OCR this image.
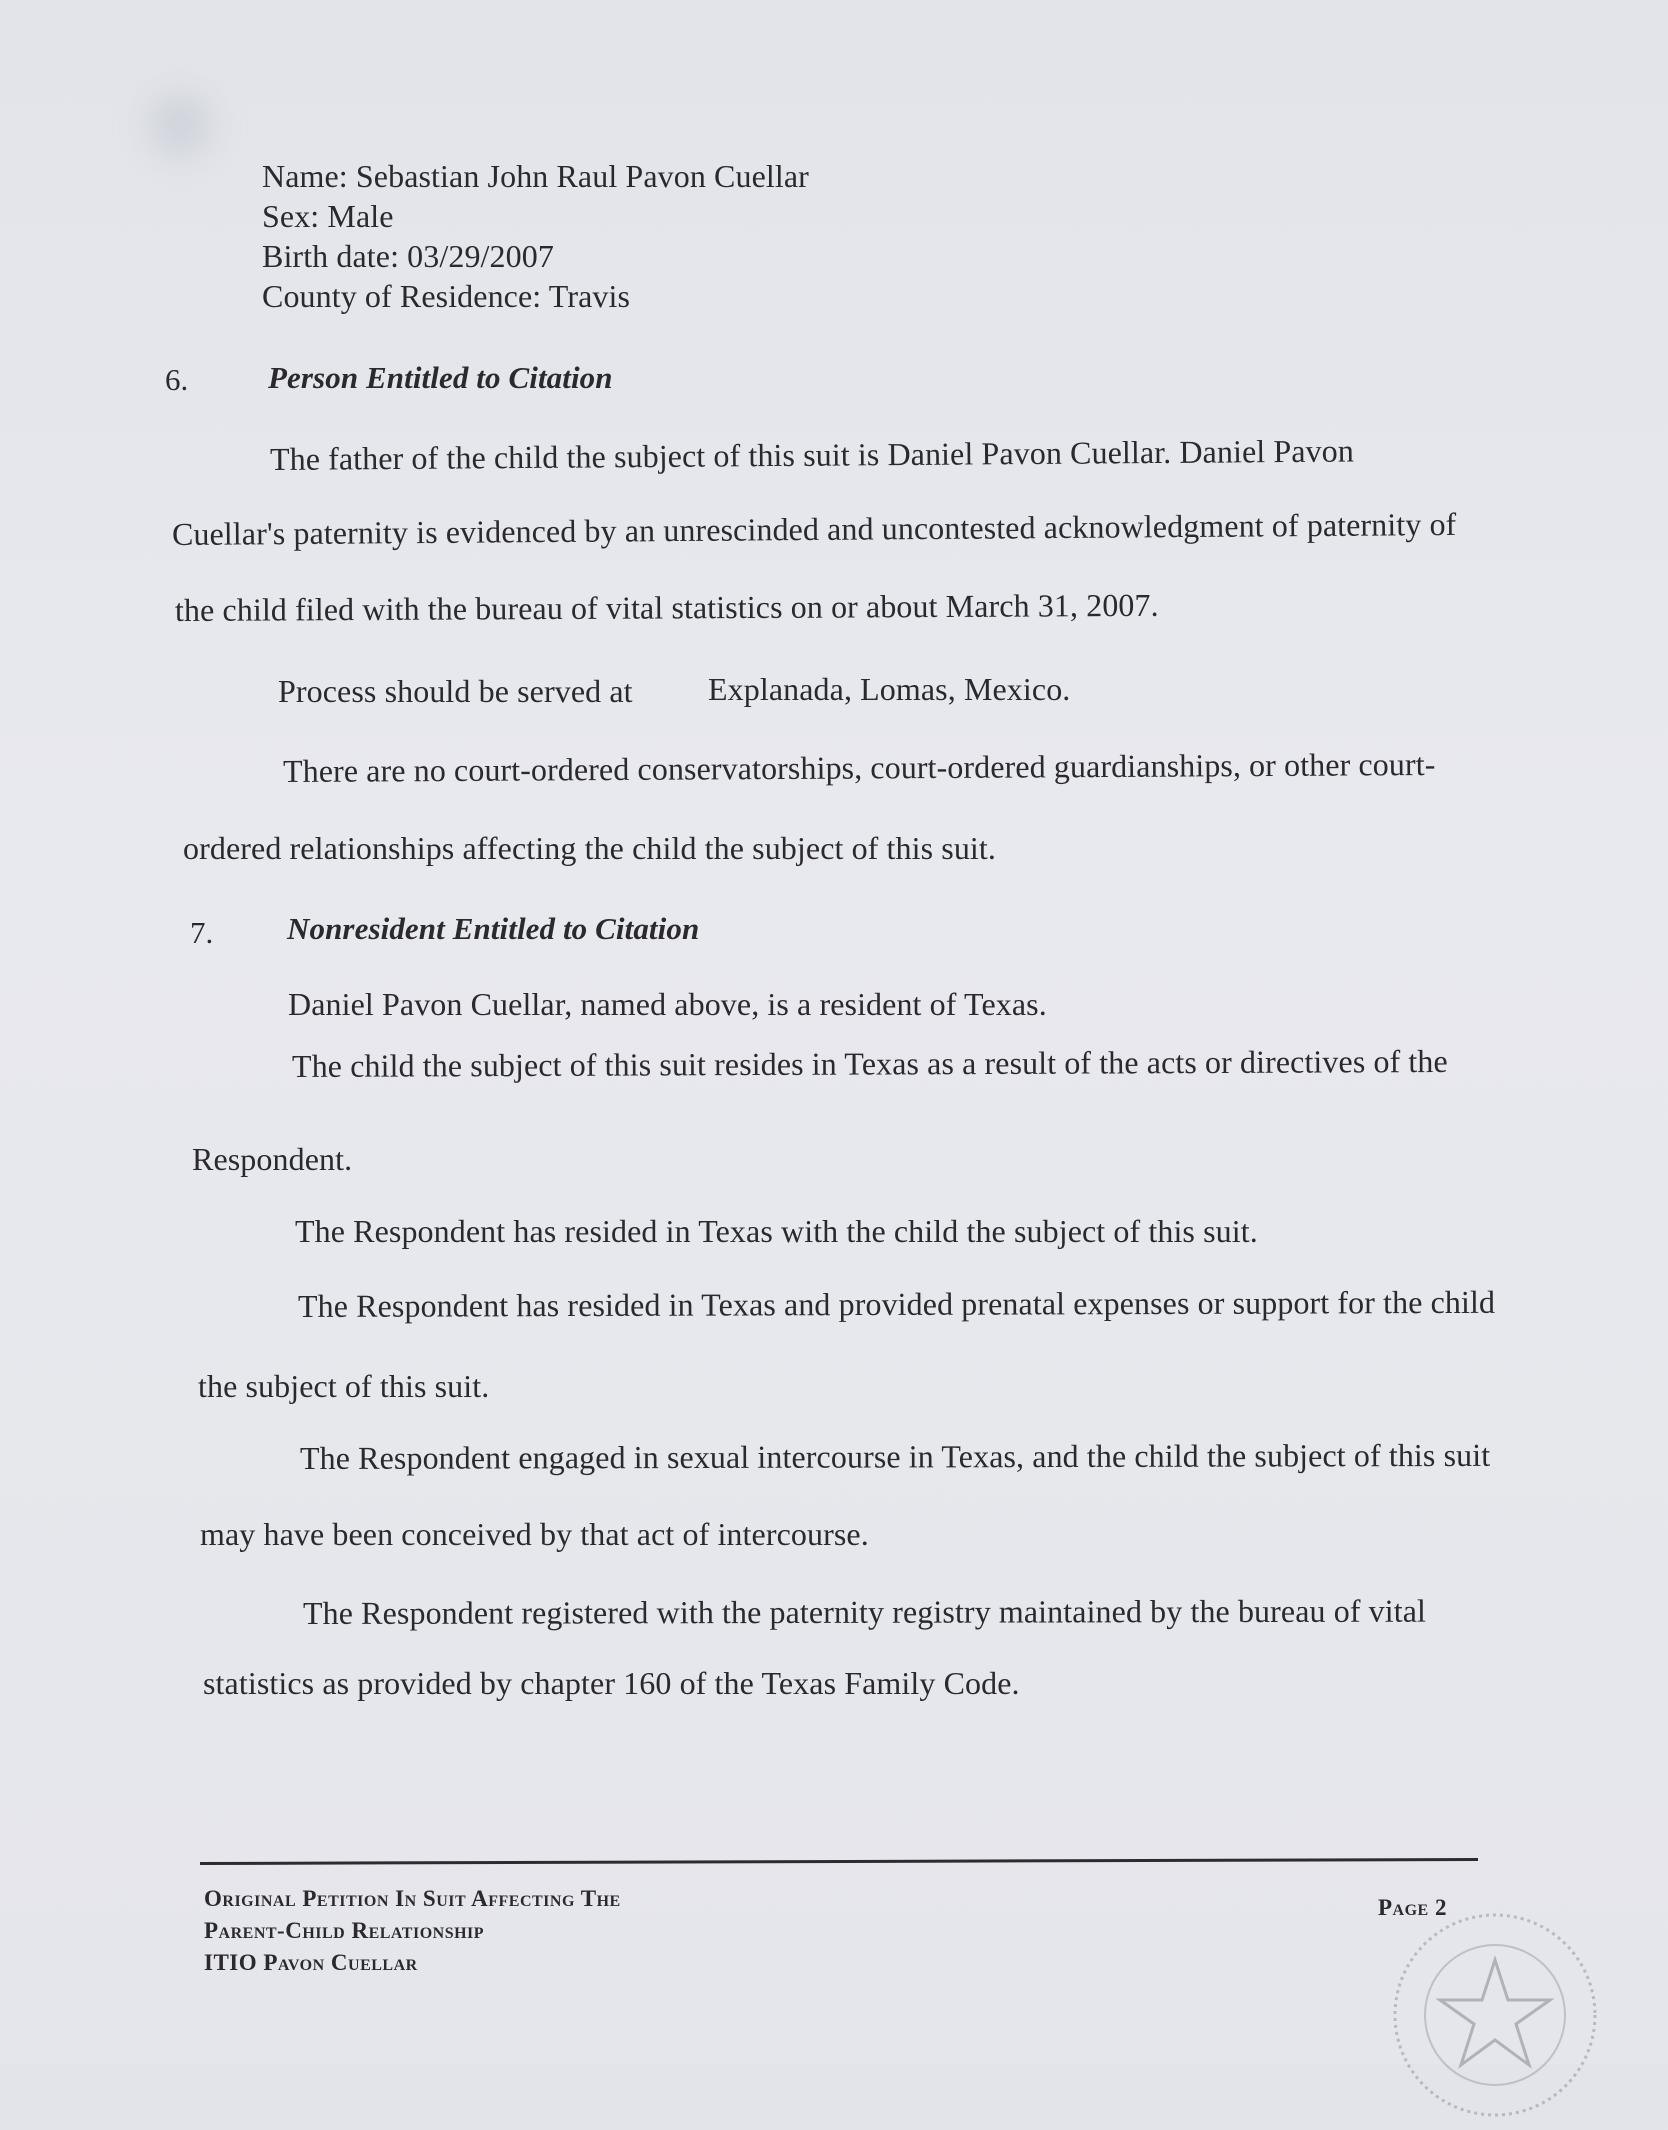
Name: Sebastian John Raul Pavon Cuellar
Sex: Male
Birth date: 03/29/2007
County of Residence: Travis
6.	Person Entitled to Citation
The father of the child the subject of this suit is Daniel Pavon Cuellar. Daniel Pavon
Cuellar's paternity is evidenced by an unrescinded and uncontested acknowledgment of paternity of
the child filed with the bureau of vital statistics on or about March 31, 2007.
Process should be served at Explanada, Lomas, Mexico.
There are no court-ordered conservatorships, court-ordered guardianships, or other court-
ordered relationships affecting the child the subject of this suit.
7. Nonresident Entitled to Citation
Daniel Pavon Cuellar, named above, is a resident of Texas.
The child the subject of this suit resides in Texas as a result of the acts or directives of the
Respondent.
The Respondent has resided in Texas with the child the subject of this suit.
The Respondent has resided in Texas and provided prenatal expenses or support for the child
the subject of this suit.
The Respondent engaged in sexual intercourse in Texas, and the child the subject of this suit
may have been conceived by that act of intercourse.
The Respondent registered with the paternity registry maintained by the bureau of vital
statistics as provided by chapter 160 of the Texas Family Code.
Original Petition In Suit Affecting The
Parent-Child Relationship
ITIO Pavon Cuellar
Page 2
